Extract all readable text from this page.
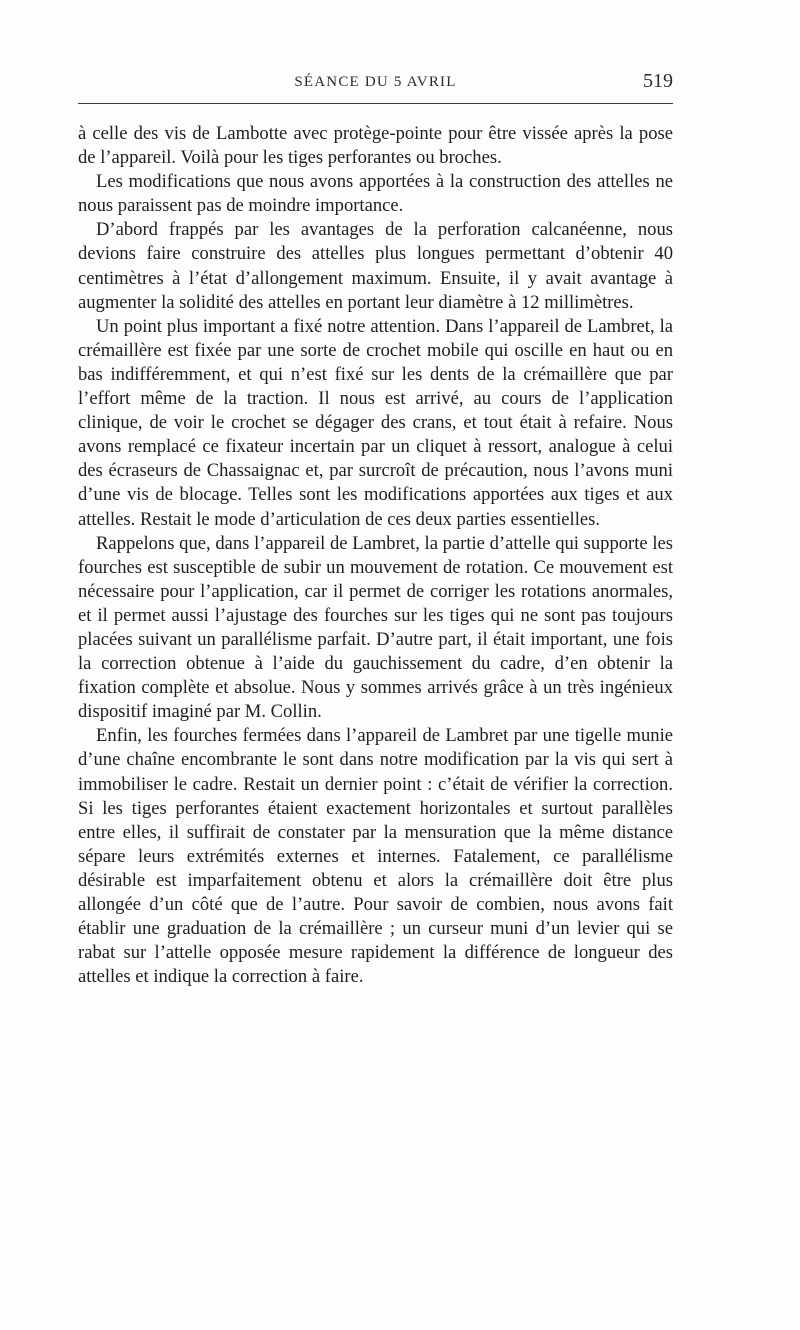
SÉANCE DU 5 AVRIL	519

à celle des vis de Lambotte avec protège-pointe pour être vissée après la pose de l’appareil. Voilà pour les tiges perforantes ou broches.

Les modifications que nous avons apportées à la construction des attelles ne nous paraissent pas de moindre importance.

D’abord frappés par les avantages de la perforation calcanéenne, nous devions faire construire des attelles plus longues permettant d’obtenir 40 centimètres à l’état d’allongement maximum. Ensuite, il y avait avantage à augmenter la solidité des attelles en portant leur diamètre à 12 millimètres.

Un point plus important a fixé notre attention. Dans l’appareil de Lambret, la crémaillère est fixée par une sorte de crochet mobile qui oscille en haut ou en bas indifféremment, et qui n’est fixé sur les dents de la crémaillère que par l’effort même de la traction. Il nous est arrivé, au cours de l’application clinique, de voir le crochet se dégager des crans, et tout était à refaire. Nous avons remplacé ce fixateur incertain par un cliquet à ressort, analogue à celui des écraseurs de Chassaignac et, par surcroît de précaution, nous l’avons muni d’une vis de blocage. Telles sont les modifications apportées aux tiges et aux attelles. Restait le mode d’articulation de ces deux parties essentielles.

Rappelons que, dans l’appareil de Lambret, la partie d’attelle qui supporte les fourches est susceptible de subir un mouvement de rotation. Ce mouvement est nécessaire pour l’application, car il permet de corriger les rotations anormales, et il permet aussi l’ajustage des fourches sur les tiges qui ne sont pas toujours placées suivant un parallélisme parfait. D’autre part, il était important, une fois la correction obtenue à l’aide du gauchissement du cadre, d’en obtenir la fixation complète et absolue. Nous y sommes arrivés grâce à un très ingénieux dispositif imaginé par M. Collin.

Enfin, les fourches fermées dans l’appareil de Lambret par une tigelle munie d’une chaîne encombrante le sont dans notre modification par la vis qui sert à immobiliser le cadre. Restait un dernier point : c’était de vérifier la correction. Si les tiges perforantes étaient exactement horizontales et surtout parallèles entre elles, il suffirait de constater par la mensuration que la même distance sépare leurs extrémités externes et internes. Fatalement, ce parallélisme désirable est imparfaitement obtenu et alors la crémaillère doit être plus allongée d’un côté que de l’autre. Pour savoir de combien, nous avons fait établir une graduation de la crémaillère ; un curseur muni d’un levier qui se rabat sur l’attelle opposée mesure rapidement la différence de longueur des attelles et indique la correction à faire.
